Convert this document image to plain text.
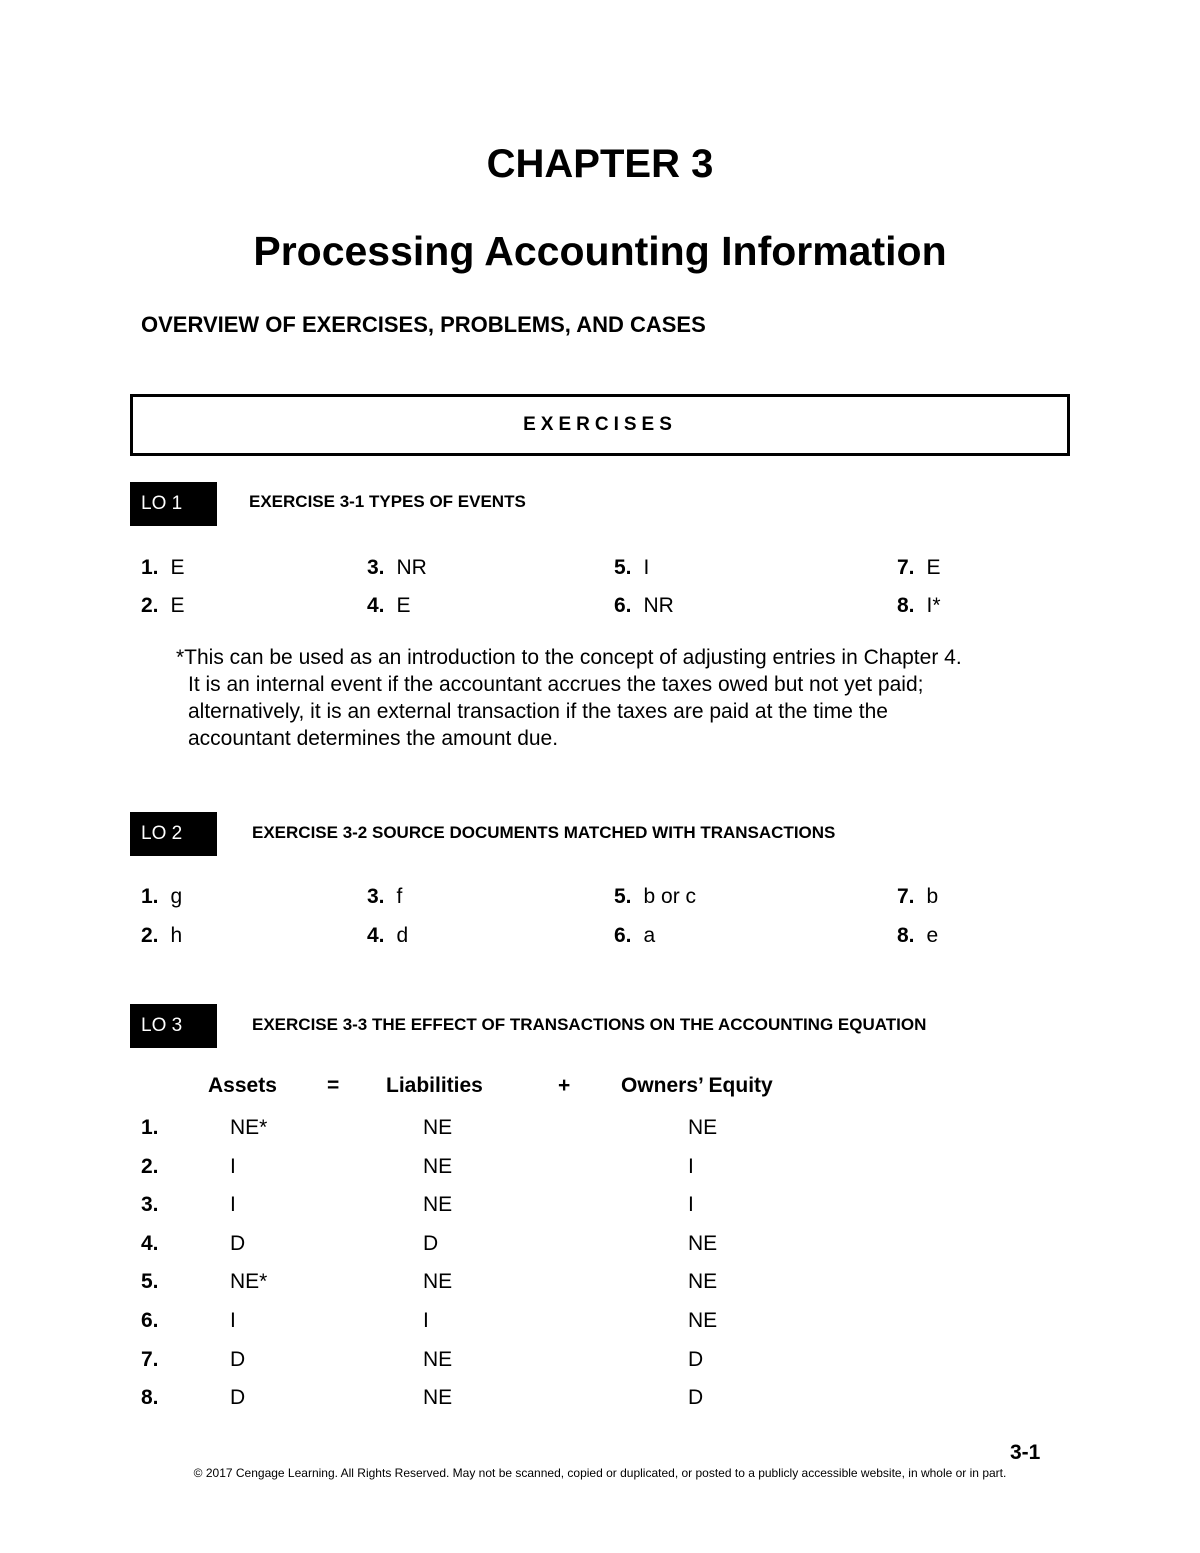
CHAPTER 3
Processing Accounting Information
OVERVIEW OF EXERCISES, PROBLEMS, AND CASES
EXERCISES
LO 1	EXERCISE 3-1 TYPES OF EVENTS
1. E
2. E
3. NR
4. E
5. I
6. NR
7. E
8. I*
*This can be used as an introduction to the concept of adjusting entries in Chapter 4.
It is an internal event if the accountant accrues the taxes owed but not yet paid;
alternatively, it is an external transaction if the taxes are paid at the time the
accountant determines the amount due.
LO 2	EXERCISE 3-2 SOURCE DOCUMENTS MATCHED WITH TRANSACTIONS
1. g
2. h
3. f
4. d
5. b or c
6. a
7. b
8. e
LO 3	EXERCISE 3-3 THE EFFECT OF TRANSACTIONS ON THE ACCOUNTING EQUATION
Assets = Liabilities	+ Owners’ Equity
1.	NE*	NE	NE
2.	I	NE	I
3.	I	NE	I
4.	D	D	NE
5.	NE*	NE	NE
6.	I	I	NE
7.	D	NE	D
8.	D	NE	D
3-1
© 2017 Cengage Learning. All Rights Reserved. May not be scanned, copied or duplicated, or posted to a publicly accessible website, in whole or in part.
